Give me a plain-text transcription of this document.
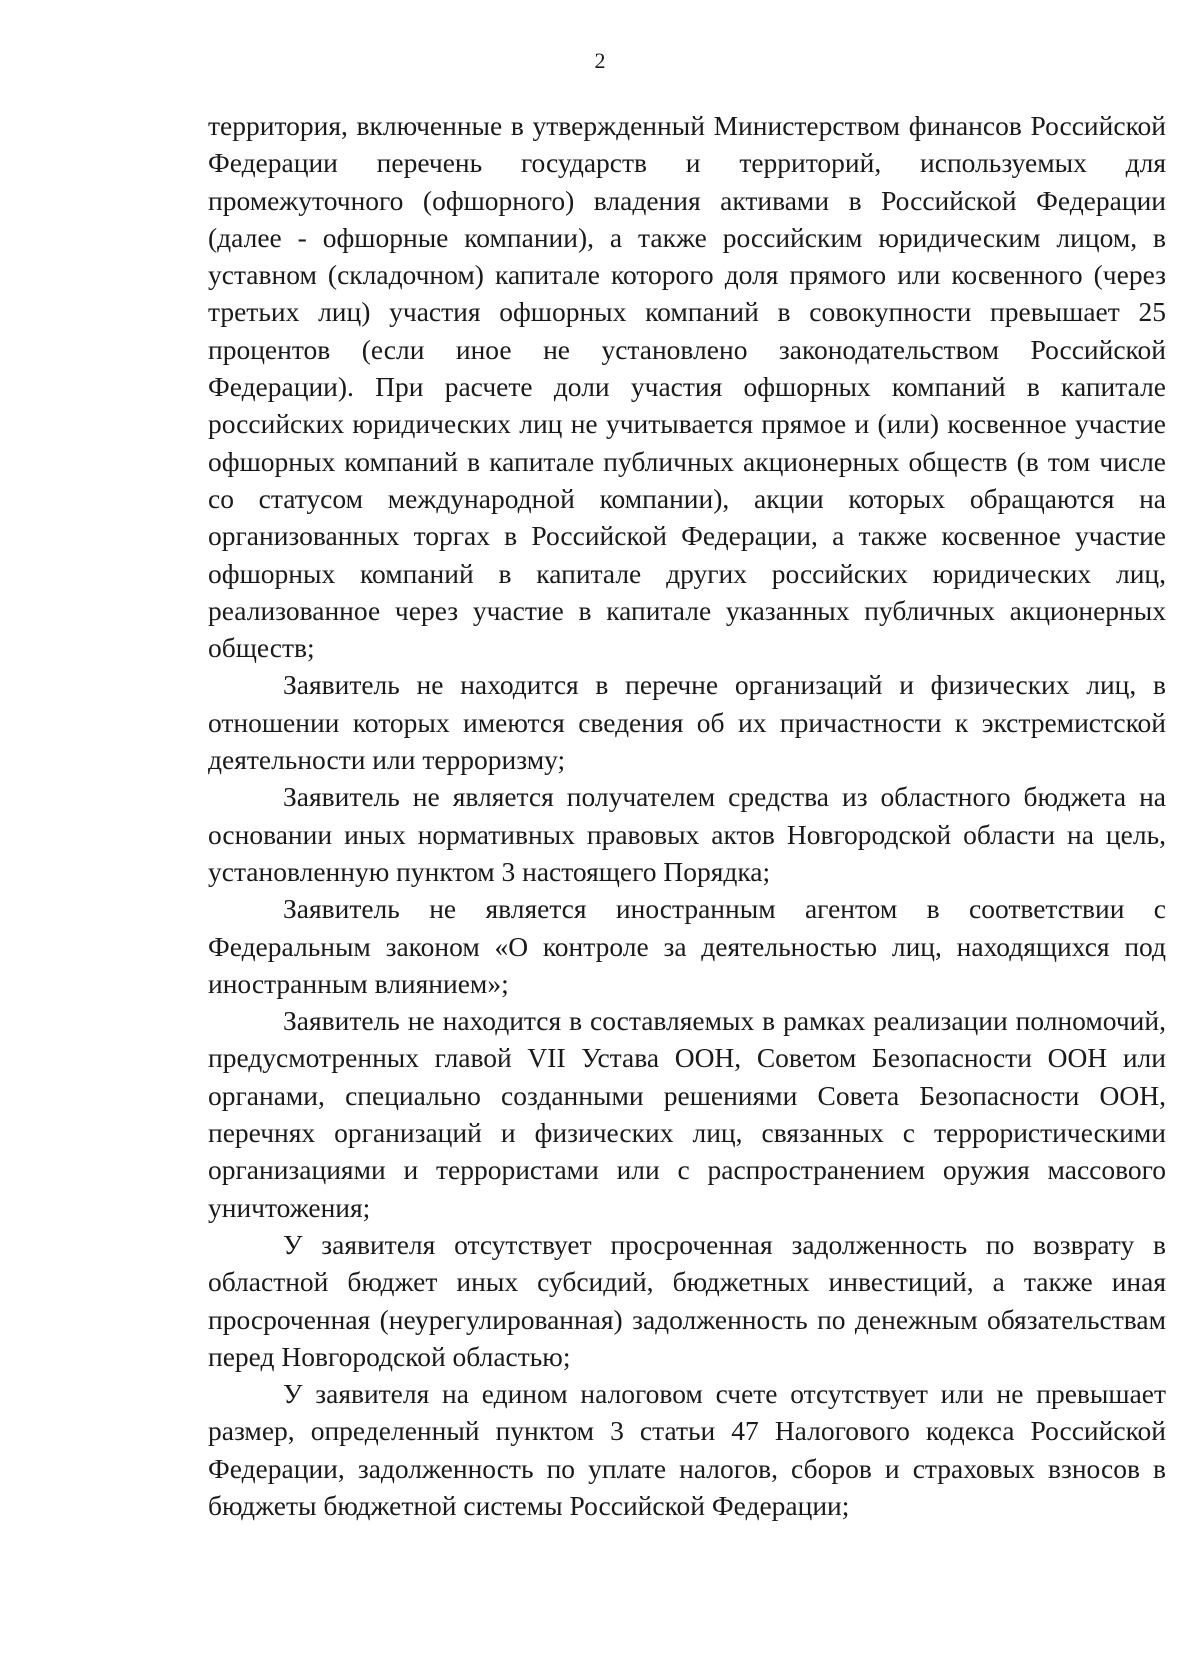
2

территория, включенные в утвержденный Министерством финансов Российской Федерации перечень государств и территорий, используемых для промежуточного (офшорного) владения активами в Российской Федерации (далее - офшорные компании), а также российским юридическим лицом, в уставном (складочном) капитале которого доля прямого или косвенного (через третьих лиц) участия офшорных компаний в совокупности превышает 25 процентов (если иное не установлено законодательством Российской Федерации). При расчете доли участия офшорных компаний в капитале российских юридических лиц не учитывается прямое и (или) косвенное участие офшорных компаний в капитале публичных акционерных обществ (в том числе со статусом международной компании), акции которых обращаются на организованных торгах в Российской Федерации, а также косвенное участие офшорных компаний в капитале других российских юридических лиц, реализованное через участие в капитале указанных публичных акционерных обществ;

Заявитель не находится в перечне организаций и физических лиц, в отношении которых имеются сведения об их причастности к экстремистской деятельности или терроризму;

Заявитель не является получателем средства из областного бюджета на основании иных нормативных правовых актов Новгородской области на цель, установленную пунктом 3 настоящего Порядка;

Заявитель не является иностранным агентом в соответствии с Федеральным законом «О контроле за деятельностью лиц, находящихся под иностранным влиянием»;

Заявитель не находится в составляемых в рамках реализации полномочий, предусмотренных главой VII Устава ООН, Советом Безопасности ООН или органами, специально созданными решениями Совета Безопасности ООН, перечнях организаций и физических лиц, связанных с террористическими организациями и террористами или с распространением оружия массового уничтожения;

У заявителя отсутствует просроченная задолженность по возврату в областной бюджет иных субсидий, бюджетных инвестиций, а также иная просроченная (неурегулированная) задолженность по денежным обязательствам перед Новгородской областью;

У заявителя на едином налоговом счете отсутствует или не превышает размер, определенный пунктом 3 статьи 47 Налогового кодекса Российской Федерации, задолженность по уплате налогов, сборов и страховых взносов в бюджеты бюджетной системы Российской Федерации;
